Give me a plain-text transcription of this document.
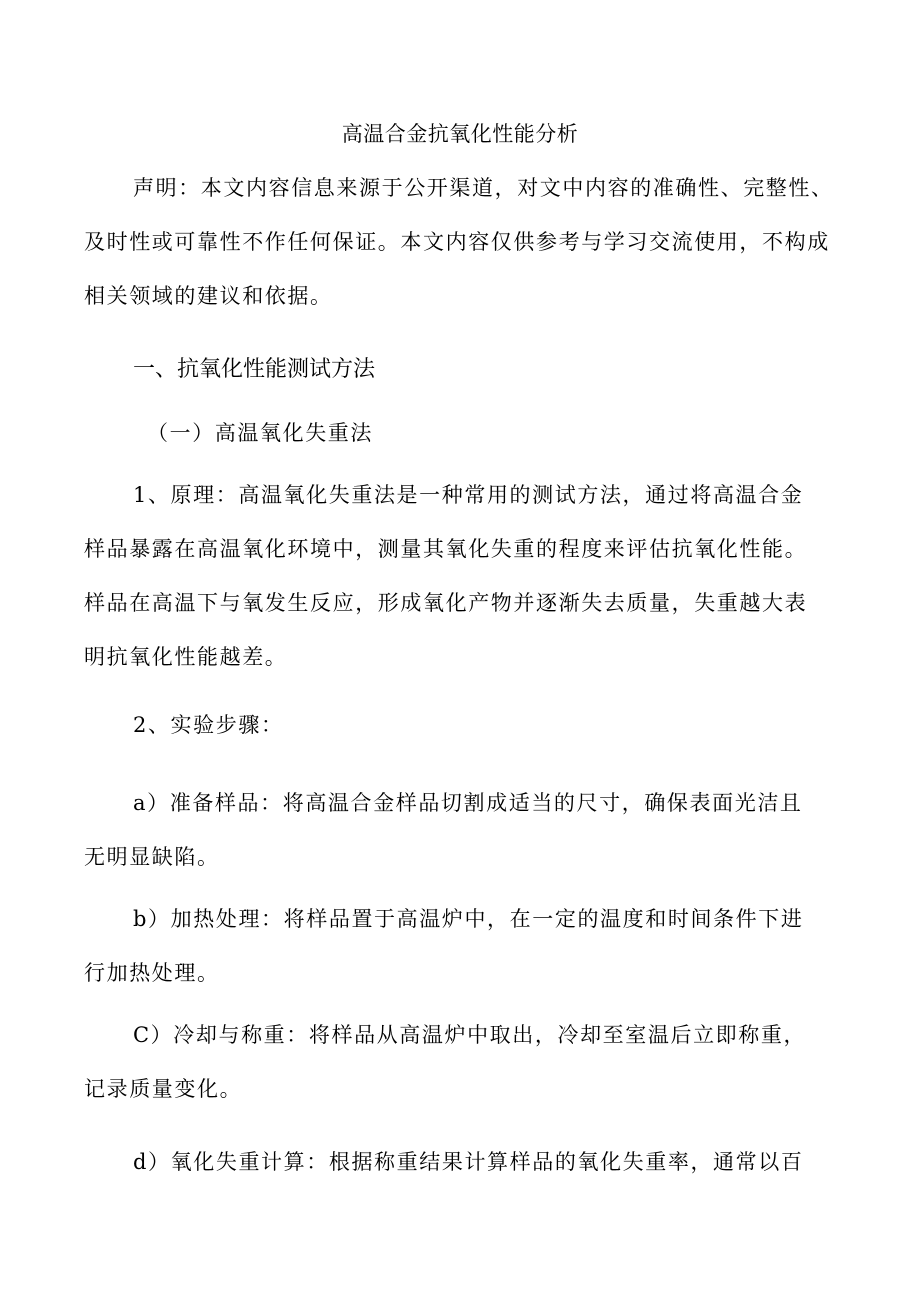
高温合金抗氧化性能分析
声明：本文内容信息来源于公开渠道，对文中内容的准确性、完整性、
及时性或可靠性不作任何保证。本文内容仅供参考与学习交流使用，不构成
相关领域的建议和依据。
一、抗氧化性能测试方法
（一）高温氧化失重法
1、原理：高温氧化失重法是一种常用的测试方法，通过将高温合金
样品暴露在高温氧化环境中，测量其氧化失重的程度来评估抗氧化性能。
样品在高温下与氧发生反应，形成氧化产物并逐渐失去质量，失重越大表
明抗氧化性能越差。
2、实验步骤：
a）准备样品：将高温合金样品切割成适当的尺寸，确保表面光洁且
无明显缺陷。
b）加热处理：将样品置于高温炉中，在一定的温度和时间条件下进
行加热处理。
C）冷却与称重：将样品从高温炉中取出，冷却至室温后立即称重，
记录质量变化。
d）氧化失重计算：根据称重结果计算样品的氧化失重率，通常以百
